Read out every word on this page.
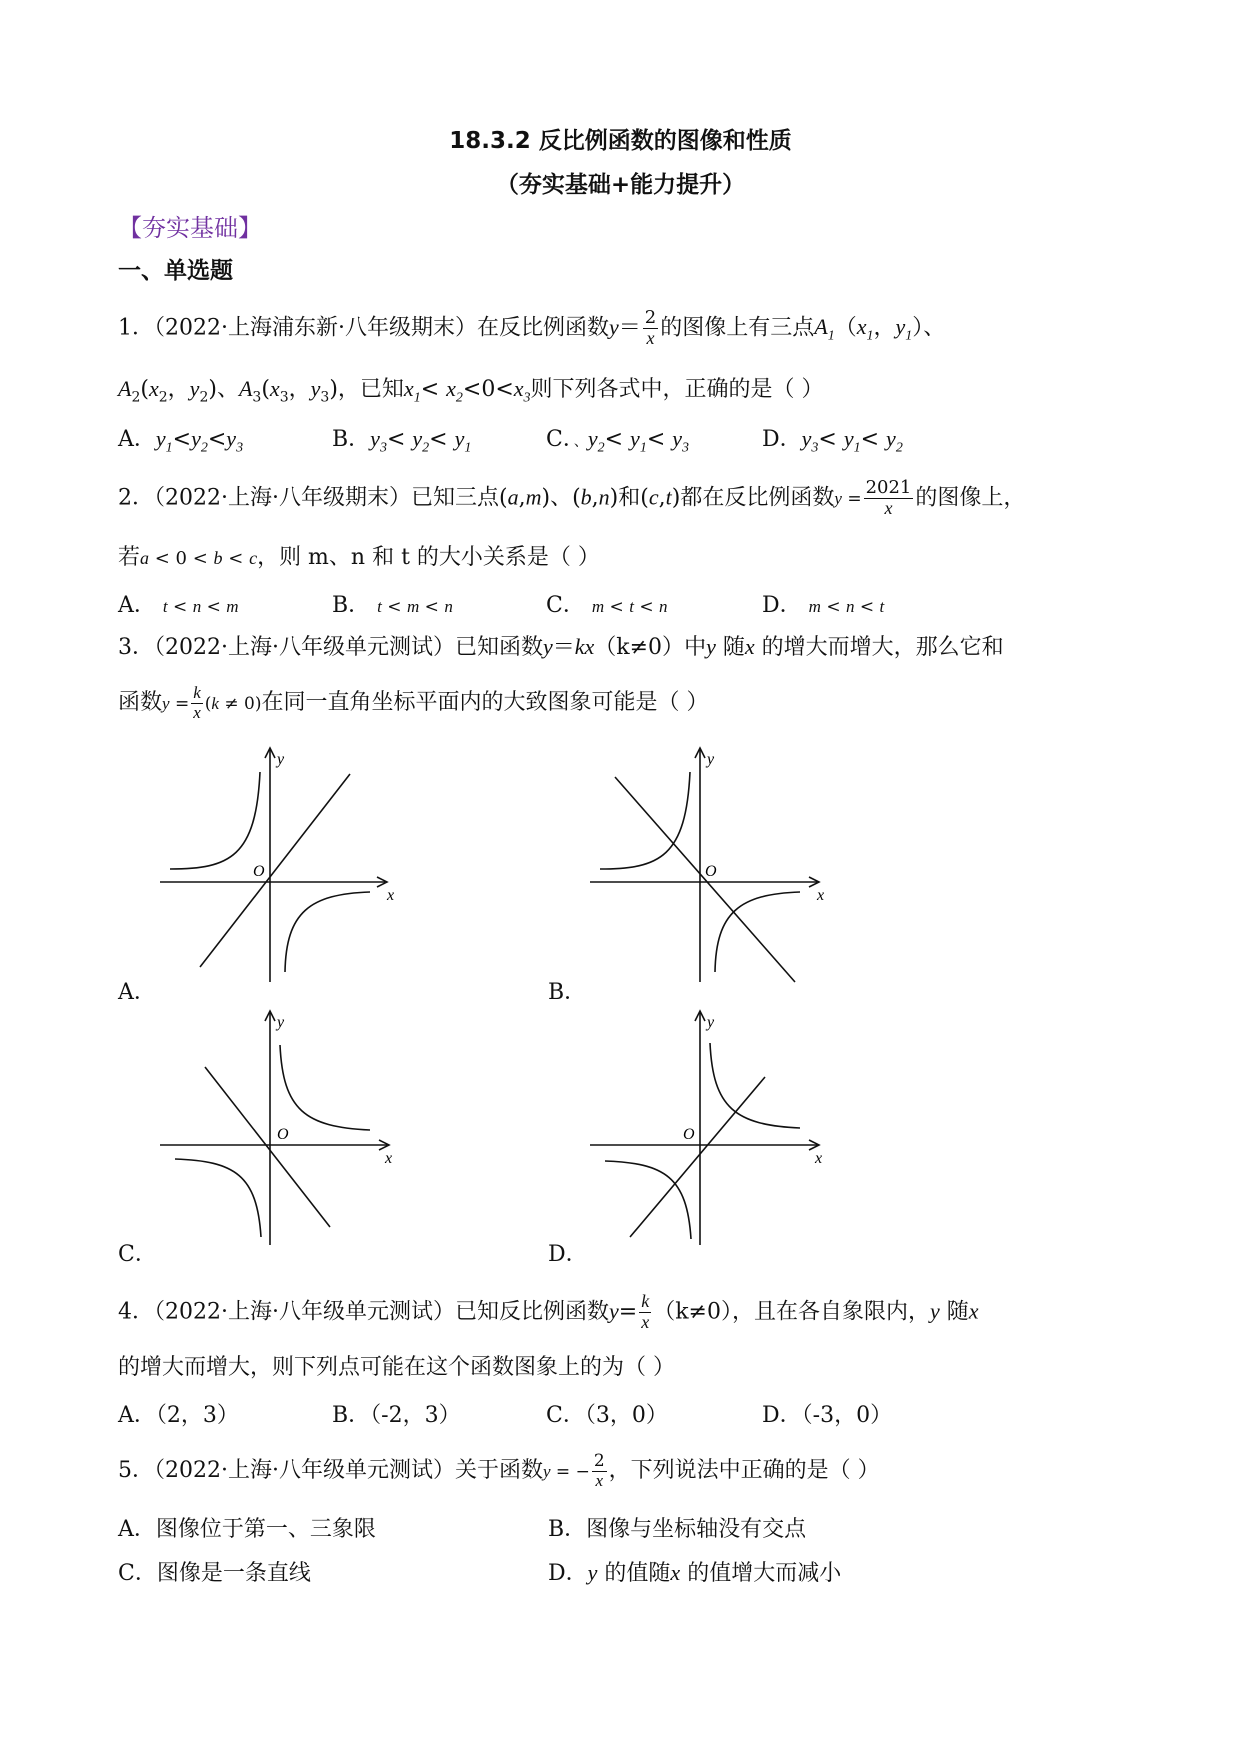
18.3.2 反比例函数的图像和性质
（夯实基础+能力提升）
【夯实基础】
一、单选题
1．（2022·上海浦东新·八年级期末）在反比例函数$y= \frac{2}{x}$ 的图像上有三点$A_1(x_1$，$y_1$）、
$A_2(x_2$，$y_2$)、$A_3(x_3$，$y_3$)，已知$x_1< x_2<0<x_3$则下列各式中，正确的是（ ）
A．$y_1<y_2<y_3$	B．$y_3< y_2< y_1$	C．、$y_2< y_1< y_3$	D．$y_3< y_1< y_2$
2．（2022·上海·八年级期末）已知三点(a,m)、(b,n)和(c,t)都在反比例函数$y = \frac{2021}{x}$ 的图像上，
若a < 0 < b < c，则 m、n 和 t 的大小关系是（ ）
A． t < n < m	B． t < m < n	C． m < t < n	D． m < n < t
3．（2022·上海·八年级单元测试）已知函数y＝kx（k≠0）中y 随x 的增大而增大，那么它和
函数$y = \frac{k}{x} (k \ne 0)$在同一直角坐标平面内的大致图象可能是（ ）
y
x
O
A．
y
x
O
B．
y
x
O
C．
y
x
O
D．
4．（2022·上海·八年级单元测试）已知反比例函数$y= \frac{k}{x} (k\ne 0)$，且在各自象限内，y 随x
的增大而增大，则下列点可能在这个函数图象上的为（ ）
A．（2，3）	B．（-2，3）	C．（3，0）	D．（-3，0）
5．（2022·上海·八年级单元测试）关于函数y = − $\frac{2}{x}$ ，下列说法中正确的是（ ）
A．图像位于第一、三象限	B．图像与坐标轴没有交点
C．图像是一条直线	D．y 的值随x 的值增大而减小
